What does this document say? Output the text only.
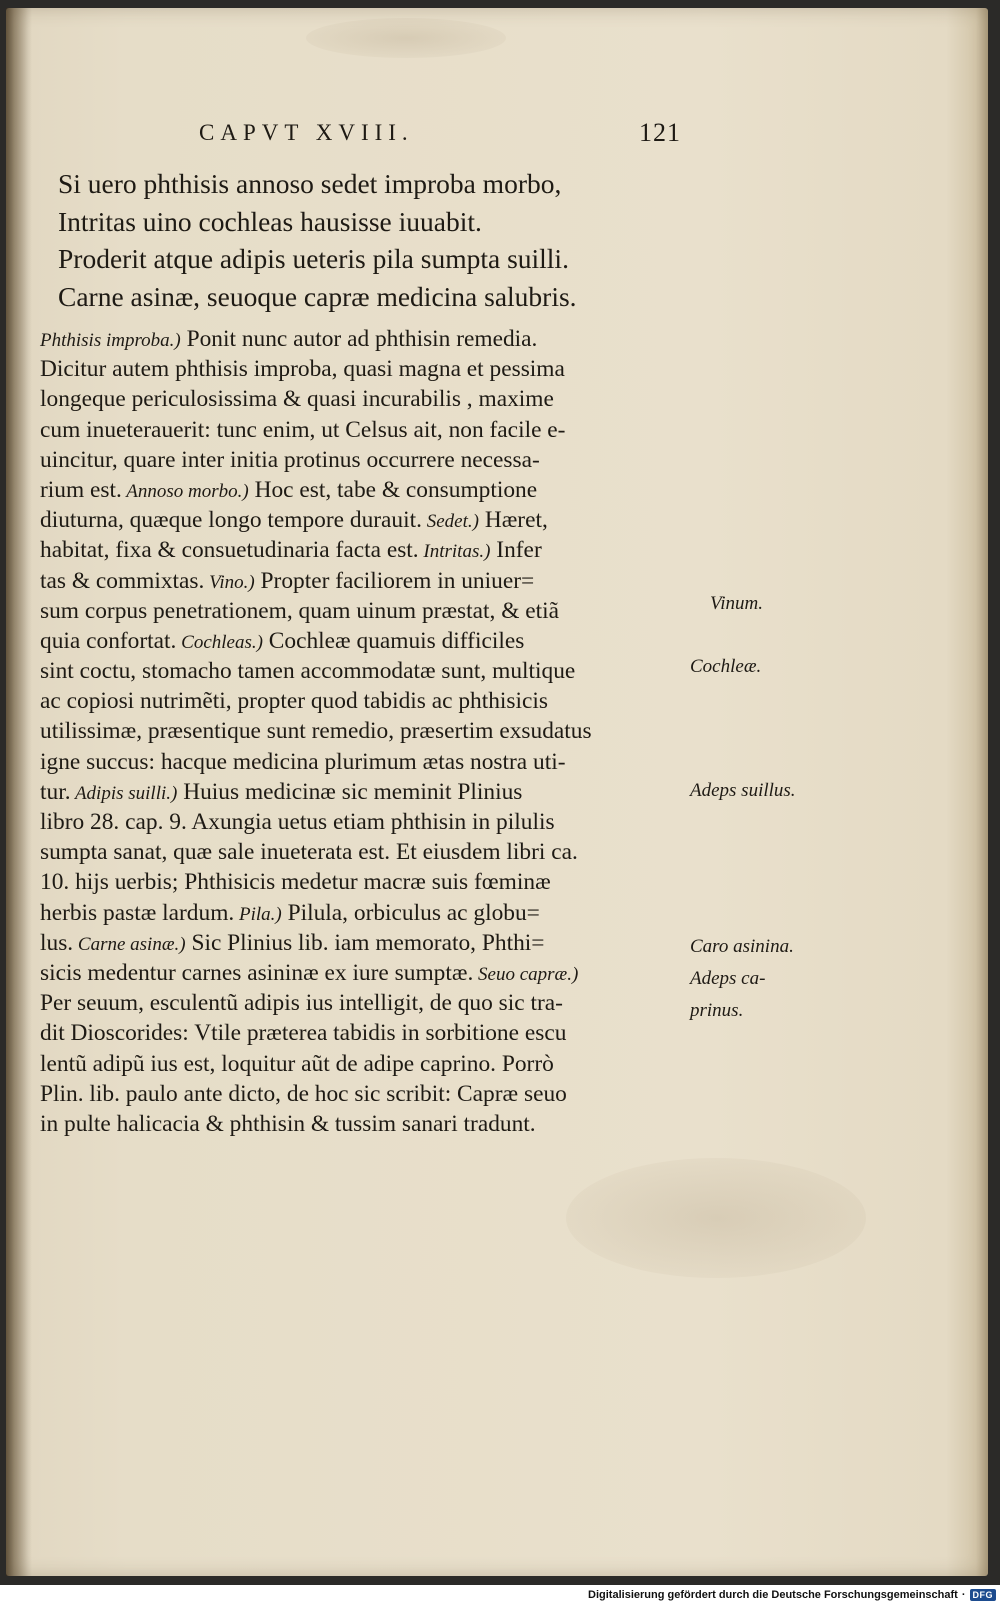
CAPVT XVIII.	121
Si uero phthisis annoso sedet improba morbo,
Intritas uino cochleas hausisse iuuabit.
Proderit atque adipis ueteris pila sumpta suilli.
Carne asinæ, seuoque capræ medicina salubris.
Phthisis improba.) Ponit nunc autor ad phthisin remedia.
Dicitur autem phthisis improba, quasi magna et pessima
longeque periculosissima & quasi incurabilis , maxime
cum inueterauerit: tunc enim, ut Celsus ait, non facile e-
uincitur, quare inter initia protinus occurrere necessa-
rium est. Annoso morbo.) Hoc est, tabe & consumptione
diuturna, quæque longo tempore durauit. Sedet.) Hæret,
habitat, fixa & consuetudinaria facta est. Intritas.) Infer
tas & commixtas. Vino.) Propter faciliorem in uniuer=
sum corpus penetrationem, quam uinum præstat, & etiã
quia confortat. Cochleas.) Cochleæ quamuis difficiles
sint coctu, stomacho tamen accommodatæ sunt, multique
ac copiosi nutrimẽti, propter quod tabidis ac phthisicis
utilissimæ, præsentique sunt remedio, præsertim exsudatus
igne succus: hacque medicina plurimum ætas nostra uti-
tur. Adipis suilli.) Huius medicinæ sic meminit Plinius
libro 28. cap. 9. Axungia uetus etiam phthisin in pilulis
sumpta sanat, quæ sale inueterata est. Et eiusdem libri ca.
10. hijs uerbis; Phthisicis medetur macræ suis fœminæ
herbis pastæ lardum. Pila.) Pilula, orbiculus ac globu=
lus. Carne asinæ.) Sic Plinius lib. iam memorato, Phthi=
sicis medentur carnes asininæ ex iure sumptæ. Seuo capræ.)
Per seuum, esculentũ adipis ius intelligit, de quo sic tra-
dit Dioscorides: Vtile præterea tabidis in sorbitione escu
lentũ adipũ ius est, loquitur aũt de adipe caprino. Porrò
Plin. lib. paulo ante dicto, de hoc sic scribit: Capræ seuo
in pulte halicacia & phthisin & tussim sanari tradunt.
Vinum.
Cochleæ.
Adeps suillus.
Caro asinina.
Adeps ca-
prinus.
Digitalisierung gefördert durch die Deutsche Forschungsgemeinschaft · DFG
